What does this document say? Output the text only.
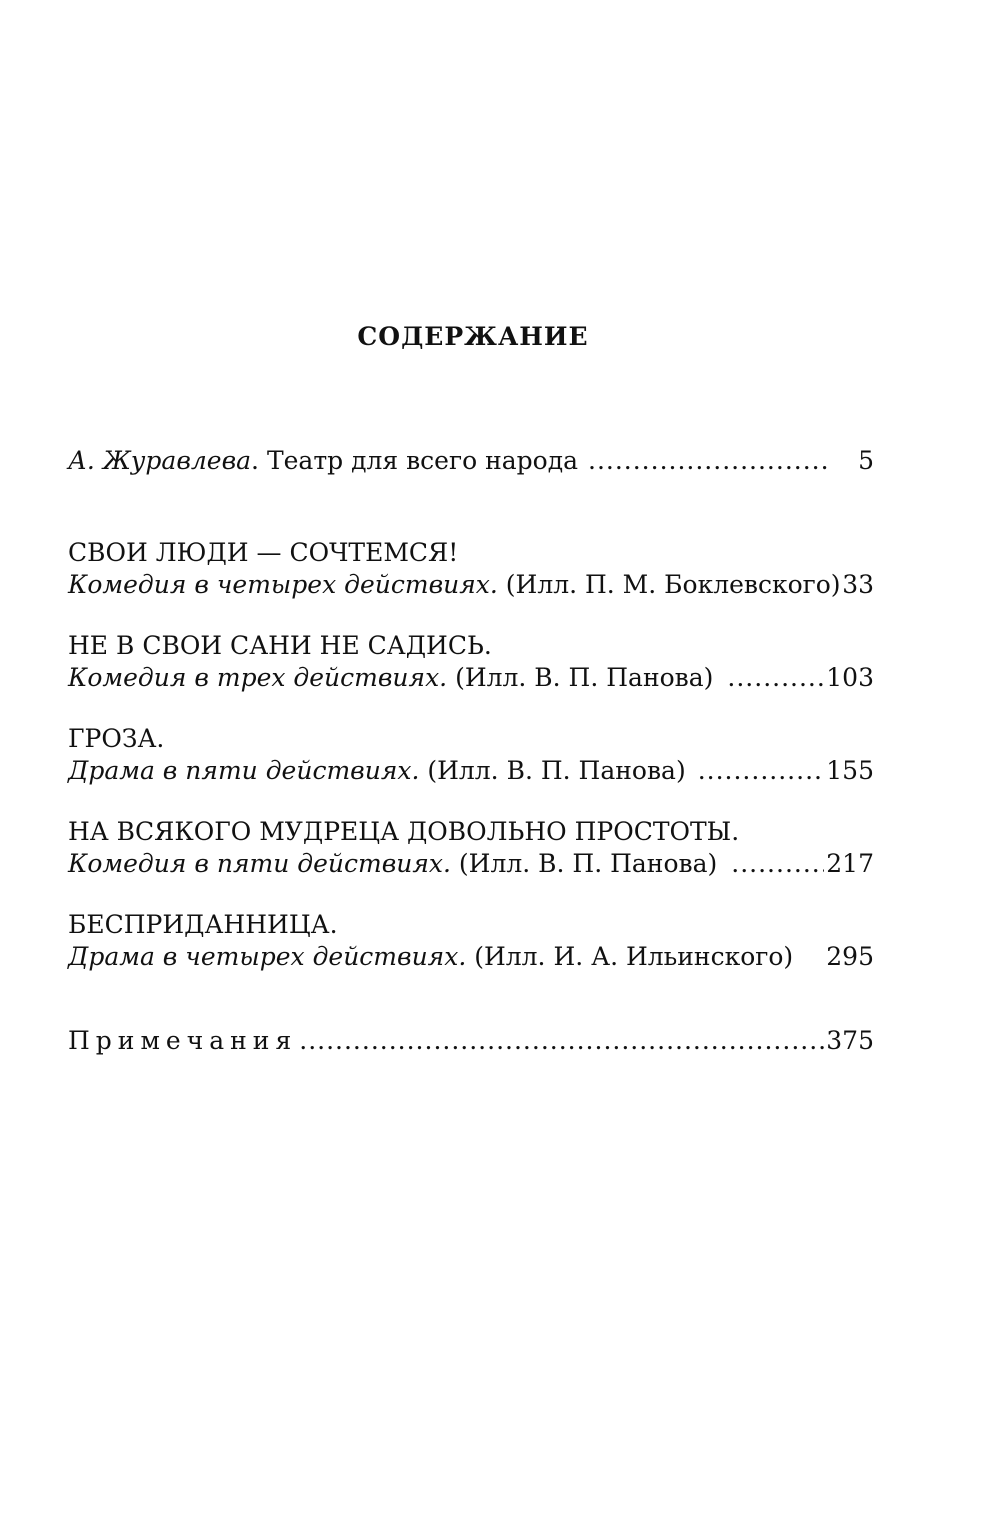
СОДЕРЖАНИЕ
А. Журавлева. Театр для всего народа .....	5
СВОИ ЛЮДИ — СОЧТЕМСЯ!
Комедия в четырех действиях. (Илл. П. М. Боклевского) 33
НЕ В СВОИ САНИ НЕ САДИСЬ.
Комедия в трех действиях. (Илл. В. П. Панова) .....	103
ГРОЗА.
Драма в пяти действиях. (Илл. В. П. Панова) .....	155
НА ВСЯКОГО МУДРЕЦА ДОВОЛЬНО ПРОСТОТЫ.
Комедия в пяти действиях. (Илл. В. П. Панова) .....	217
БЕСПРИДАННИЦА.
Драма в четырех действиях. (Илл. И. А. Ильинского) 295
Примечания .....	375
